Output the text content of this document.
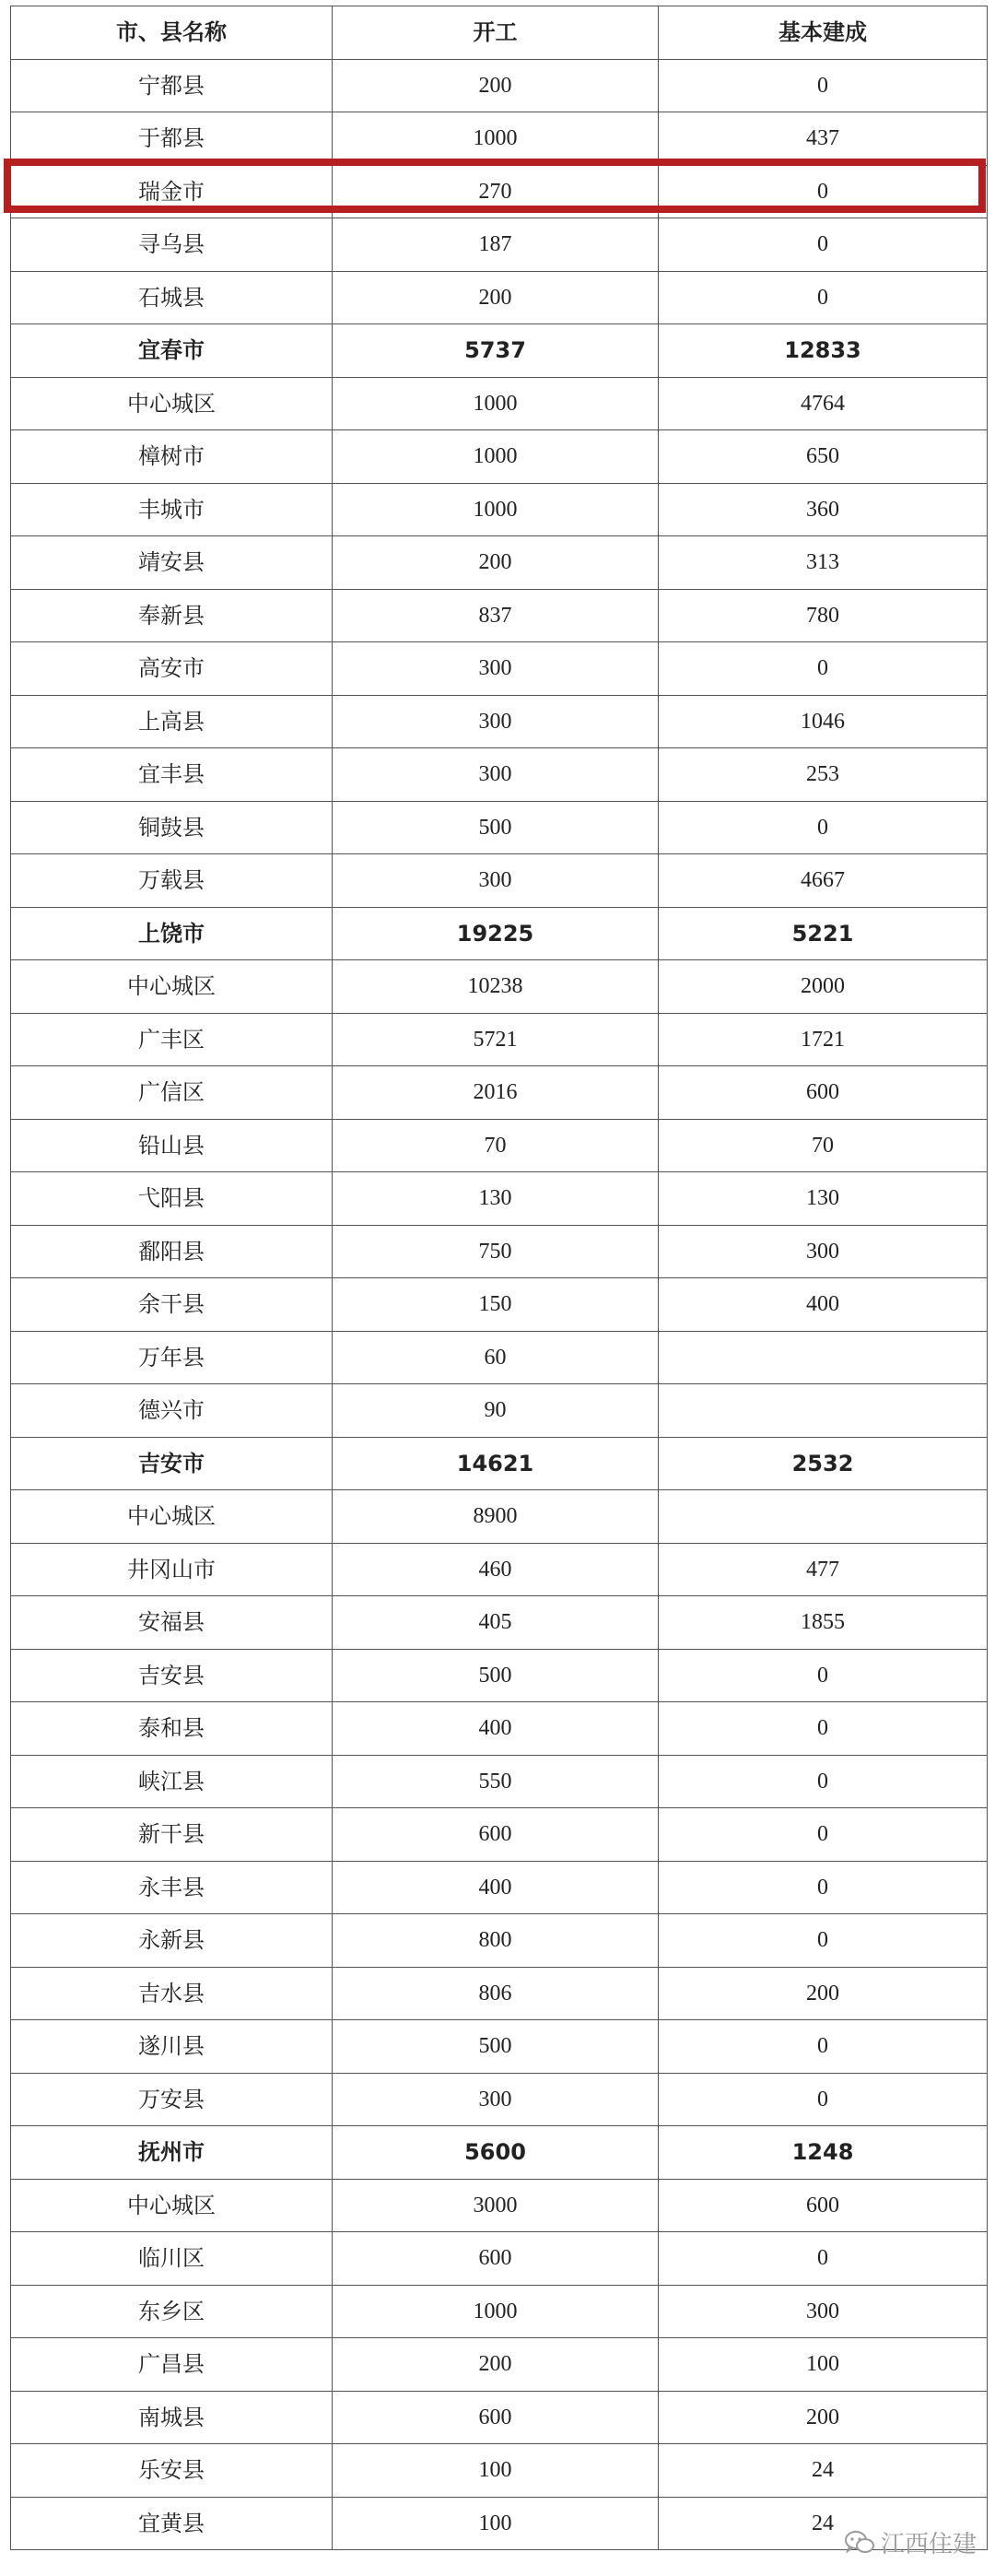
市、县名称	开工	基本建成
宁都县	200	0
于都县	1000	437
瑞金市	270	0
寻乌县	187	0
石城县	200	0
宜春市	5737	12833
中心城区	1000	4764
樟树市	1000	650
丰城市	1000	360
靖安县	200	313
奉新县	837	780
高安市	300	0
上高县	300	1046
宜丰县	300	253
铜鼓县	500	0
万载县	300	4667
上饶市	19225	5221
中心城区	10238	2000
广丰区	5721	1721
广信区	2016	600
铅山县	70	70
弋阳县	130	130
鄱阳县	750	300
余干县	150	400
万年县	60	
德兴市	90	
吉安市	14621	2532
中心城区	8900	
井冈山市	460	477
安福县	405	1855
吉安县	500	0
泰和县	400	0
峡江县	550	0
新干县	600	0
永丰县	400	0
永新县	800	0
吉水县	806	200
遂川县	500	0
万安县	300	0
抚州市	5600	1248
中心城区	3000	600
临川区	600	0
东乡区	1000	300
广昌县	200	100
南城县	600	200
乐安县	100	24
宜黄县	100	24
江西住建
